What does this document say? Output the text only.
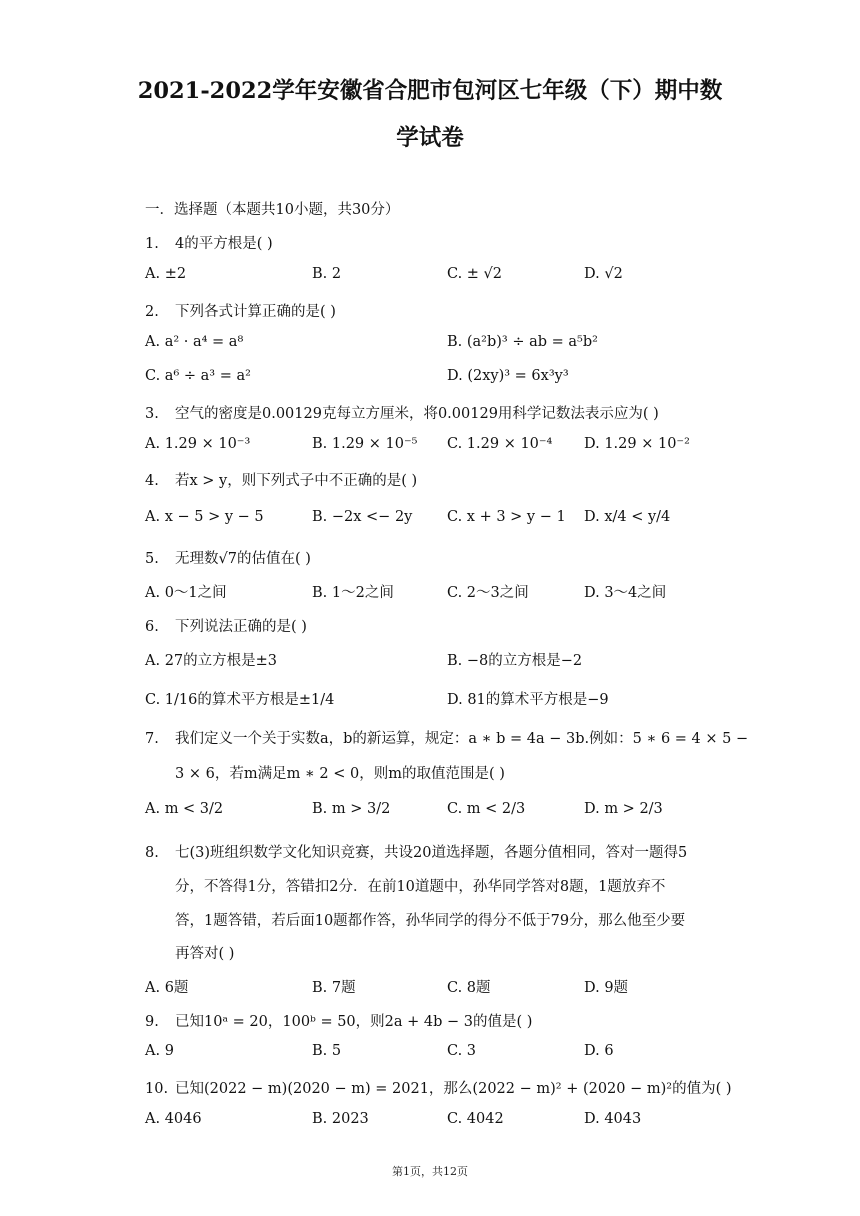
2021-2022学年安徽省合肥市包河区七年级（下）期中数
学试卷
一．选择题（本题共10小题，共30分）
1. 4的平方根是( )
A. ±2	B. 2	C. ± √2	D. √2
2. 下列各式计算正确的是( )
A. a² · a⁴ = a⁸	B. (a²b)³ ÷ ab = a⁵b²
C. a⁶ ÷ a³ = a²	D. (2xy)³ = 6x³y³
3. 空气的密度是0.00129克每立方厘米，将0.00129用科学记数法表示应为( )
A. 1.29 × 10⁻³	B. 1.29 × 10⁻⁵ C. 1.29 × 10⁻⁴ D. 1.29 × 10⁻²
4. 若x > y，则下列式子中不正确的是( )
A. x − 5 > y − 5	B. −2x <− 2y C. x + 3 > y − 1 D. x/4 < y/4
5. 无理数√7的估值在( )
A. 0～1之间	B. 1～2之间	C. 2～3之间	D. 3～4之间
6. 下列说法正确的是( )
A. 27的立方根是±3	B. −8的立方根是−2
C. 1/16的算术平方根是±1/4	D. 81的算术平方根是−9
7. 我们定义一个关于实数a，b的新运算，规定：a ∗ b = 4a − 3b.例如：5 ∗ 6 = 4 × 5 −
3 × 6，若m满足m ∗ 2 < 0，则m的取值范围是( )
A. m < 3/2	B. m > 3/2	C. m < 2/3	D. m > 2/3
8. 七(3)班组织数学文化知识竞赛，共设20道选择题，各题分值相同，答对一题得5
分，不答得1分，答错扣2分．在前10道题中，孙华同学答对8题，1题放弃不
答，1题答错，若后面10题都作答，孙华同学的得分不低于79分，那么他至少要
再答对( )
A. 6题	B. 7题	C. 8题	D. 9题
9. 已知10ᵃ = 20，100ᵇ = 50，则2a + 4b − 3的值是( )
A. 9	B. 5	C. 3	D. 6
10. 已知(2022 − m)(2020 − m) = 2021，那么(2022 − m)² + (2020 − m)²的值为( )
A. 4046	B. 2023	C. 4042	D. 4043
第1页，共12页
